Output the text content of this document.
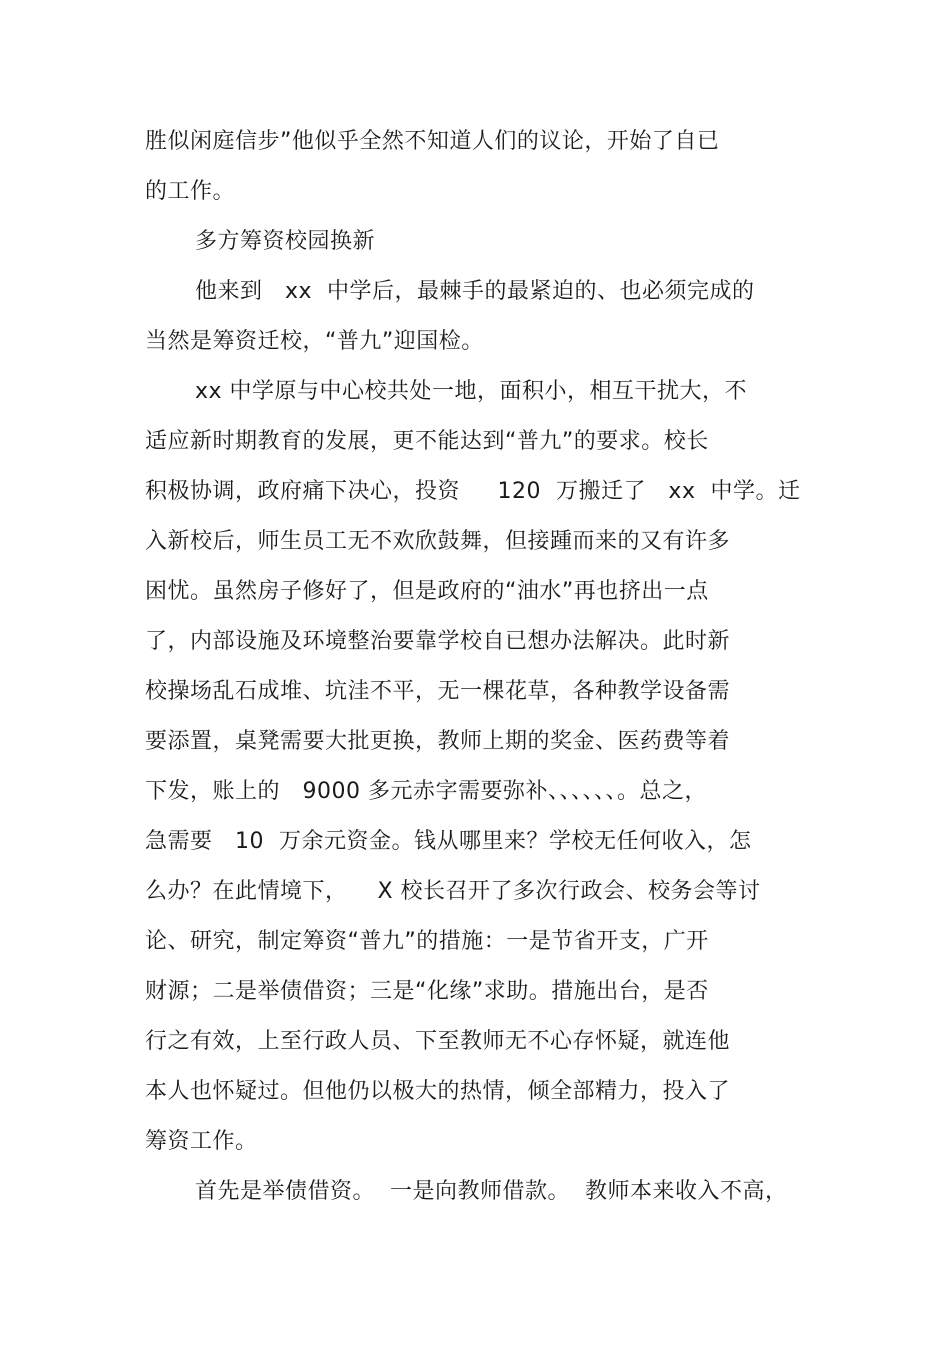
胜似闲庭信步”他似乎全然不知道人们的议论，开始了自已
的工作。
多方筹资校园换新
他来到   xx  中学后，最棘手的最紧迫的、也必须完成的
当然是筹资迁校，“普九”迎国检。
xx 中学原与中心校共处一地，面积小，相互干扰大，不
适应新时期教育的发展，更不能达到“普九”的要求。校长
积极协调，政府痛下决心，投资     120  万搬迁了   xx  中学。迁
入新校后，师生员工无不欢欣鼓舞，但接踵而来的又有许多
困忧。虽然房子修好了，但是政府的“油水”再也挤出一点
了，内部设施及环境整治要靠学校自已想办法解决。此时新
校操场乱石成堆、坑洼不平，无一棵花草，各种教学设备需
要添置，桌凳需要大批更换，教师上期的奖金、医药费等着
下发，账上的   9000 多元赤字需要弥补、、、、、、。总之，
急需要   10  万余元资金。钱从哪里来？学校无任何收入，怎
么办？在此情境下，    X 校长召开了多次行政会、校务会等讨
论、研究，制定筹资“普九”的措施：一是节省开支，广开
财源；二是举债借资；三是“化缘”求助。措施出台，是否
行之有效，上至行政人员、下至教师无不心存怀疑，就连他
本人也怀疑过。但他仍以极大的热情，倾全部精力，投入了
筹资工作。
首先是举债借资。  一是向教师借款。  教师本来收入不高，
